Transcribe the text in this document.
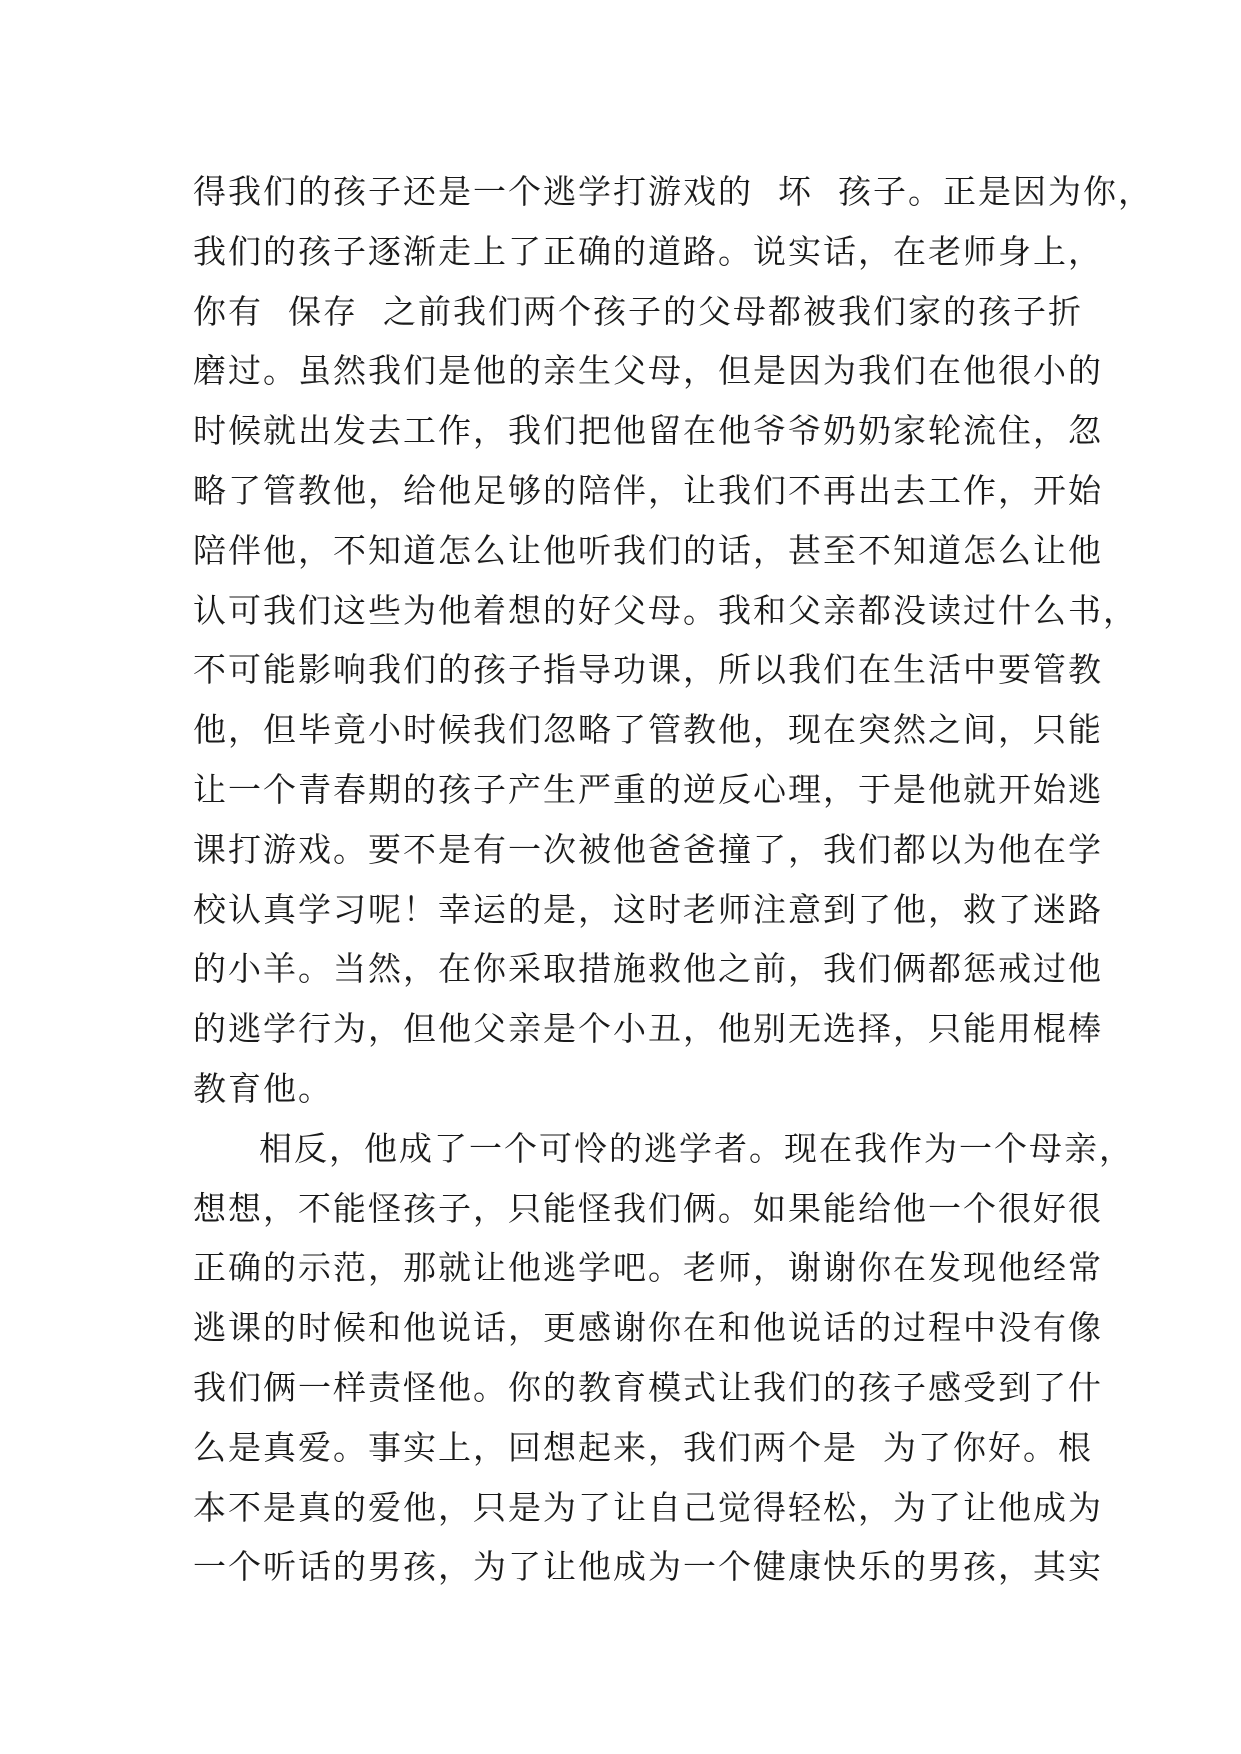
得我们的孩子还是一个逃学打游戏的  坏  孩子。正是因为你，
我们的孩子逐渐走上了正确的道路。说实话，在老师身上，
你有  保存  之前我们两个孩子的父母都被我们家的孩子折
磨过。虽然我们是他的亲生父母，但是因为我们在他很小的
时候就出发去工作，我们把他留在他爷爷奶奶家轮流住，忽
略了管教他，给他足够的陪伴，让我们不再出去工作，开始
陪伴他，不知道怎么让他听我们的话，甚至不知道怎么让他
认可我们这些为他着想的好父母。我和父亲都没读过什么书，
不可能影响我们的孩子指导功课，所以我们在生活中要管教
他，但毕竟小时候我们忽略了管教他，现在突然之间，只能
让一个青春期的孩子产生严重的逆反心理，于是他就开始逃
课打游戏。要不是有一次被他爸爸撞了，我们都以为他在学
校认真学习呢！幸运的是，这时老师注意到了他，救了迷路
的小羊。当然，在你采取措施救他之前，我们俩都惩戒过他
的逃学行为，但他父亲是个小丑，他别无选择，只能用棍棒
教育他。
相反，他成了一个可怜的逃学者。现在我作为一个母亲，
想想，不能怪孩子，只能怪我们俩。如果能给他一个很好很
正确的示范，那就让他逃学吧。老师，谢谢你在发现他经常
逃课的时候和他说话，更感谢你在和他说话的过程中没有像
我们俩一样责怪他。你的教育模式让我们的孩子感受到了什
么是真爱。事实上，回想起来，我们两个是  为了你好。根
本不是真的爱他，只是为了让自己觉得轻松，为了让他成为
一个听话的男孩，为了让他成为一个健康快乐的男孩，其实
